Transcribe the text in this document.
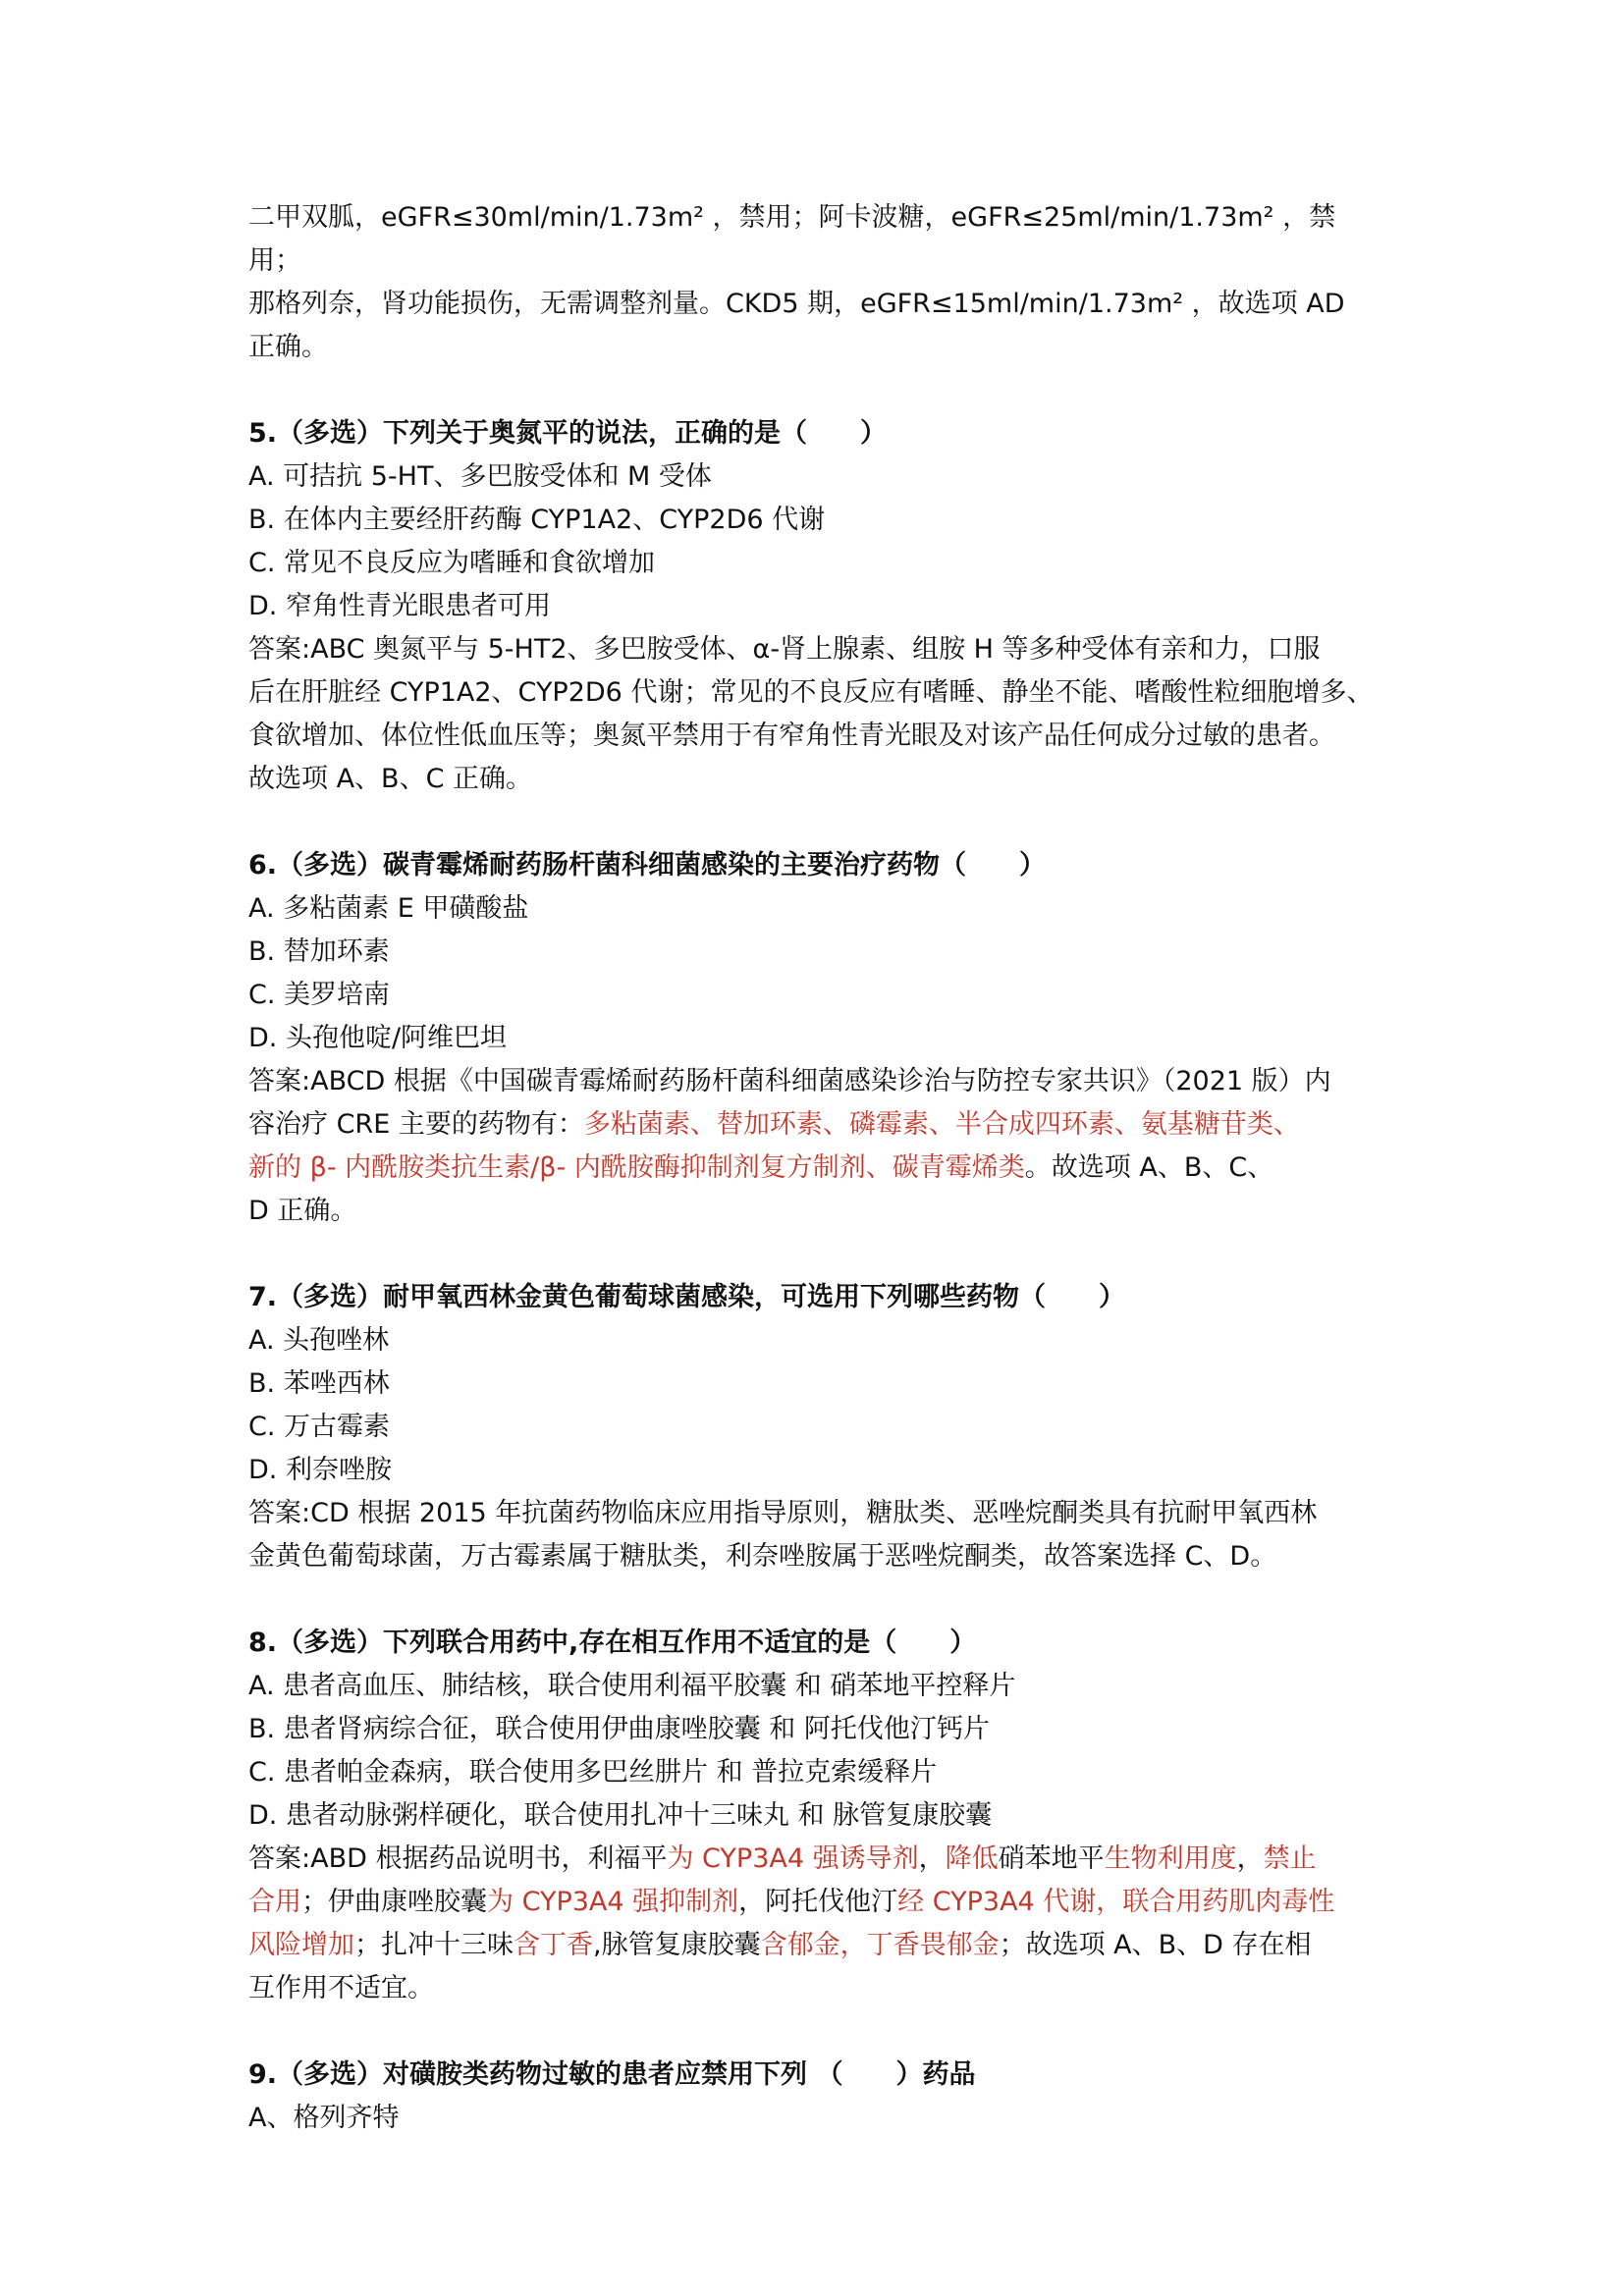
二甲双胍，eGFR≤30ml/min/1.73m² ，禁用；阿卡波糖，eGFR≤25ml/min/1.73m² ，禁用；

那格列奈，肾功能损伤，无需调整剂量。CKD5 期，eGFR≤15ml/min/1.73m² ，故选项 AD

正确。

5.（多选）下列关于奥氮平的说法，正确的是（　　）

A. 可拮抗 5-HT、多巴胺受体和 M 受体

B. 在体内主要经肝药酶 CYP1A2、CYP2D6 代谢

C. 常见不良反应为嗜睡和食欲增加

D. 窄角性青光眼患者可用

答案:ABC 奥氮平与 5-HT2、多巴胺受体、α-肾上腺素、组胺 H 等多种受体有亲和力，口服

后在肝脏经 CYP1A2、CYP2D6 代谢；常见的不良反应有嗜睡、静坐不能、嗜酸性粒细胞增多、

食欲增加、体位性低血压等；奥氮平禁用于有窄角性青光眼及对该产品任何成分过敏的患者。

故选项 A、B、C 正确。

6.（多选）碳青霉烯耐药肠杆菌科细菌感染的主要治疗药物（　　）

A. 多粘菌素 E 甲磺酸盐

B. 替加环素

C. 美罗培南

D. 头孢他啶/阿维巴坦

答案:ABCD 根据《中国碳青霉烯耐药肠杆菌科细菌感染诊治与防控专家共识》（2021 版）内

容治疗 CRE 主要的药物有：多粘菌素、替加环素、磷霉素、半合成四环素、氨基糖苷类、

新的 β- 内酰胺类抗生素/β- 内酰胺酶抑制剂复方制剂、碳青霉烯类。故选项 A、B、C、

D 正确。

7.（多选）耐甲氧西林金黄色葡萄球菌感染，可选用下列哪些药物（　　）

A. 头孢唑林

B. 苯唑西林

C. 万古霉素

D. 利奈唑胺

答案:CD 根据 2015 年抗菌药物临床应用指导原则，糖肽类、恶唑烷酮类具有抗耐甲氧西林

金黄色葡萄球菌，万古霉素属于糖肽类，利奈唑胺属于恶唑烷酮类，故答案选择 C、D。

8.（多选）下列联合用药中,存在相互作用不适宜的是（　　）

A. 患者高血压、肺结核，联合使用利福平胶囊 和 硝苯地平控释片

B. 患者肾病综合征，联合使用伊曲康唑胶囊 和 阿托伐他汀钙片

C. 患者帕金森病，联合使用多巴丝肼片 和 普拉克索缓释片

D. 患者动脉粥样硬化，联合使用扎冲十三味丸 和 脉管复康胶囊

答案:ABD 根据药品说明书，利福平为 CYP3A4 强诱导剂，降低硝苯地平生物利用度，禁止

合用；伊曲康唑胶囊为 CYP3A4 强抑制剂，阿托伐他汀经 CYP3A4 代谢，联合用药肌肉毒性

风险增加；扎冲十三味含丁香,脉管复康胶囊含郁金，丁香畏郁金；故选项 A、B、D 存在相

互作用不适宜。

9.（多选）对磺胺类药物过敏的患者应禁用下列 （　　）药品

A、格列齐特
